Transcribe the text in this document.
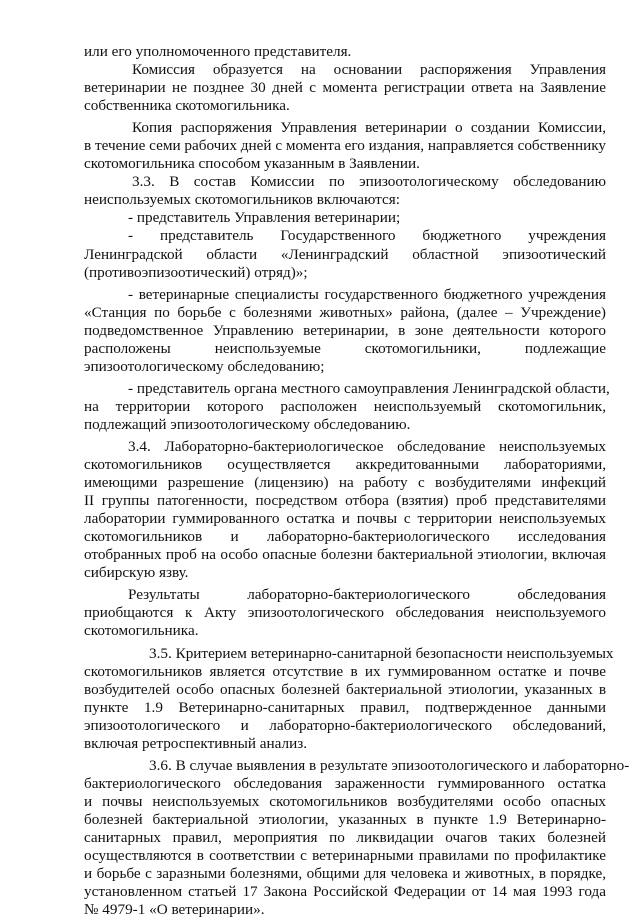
или его уполномоченного представителя.
Комиссия образуется на основании распоряжения Управления
ветеринарии не позднее 30 дней с момента регистрации ответа на Заявление
собственника скотомогильника.
Копия распоряжения Управления ветеринарии о создании Комиссии,
в течение семи рабочих дней с момента его издания, направляется собственнику
скотомогильника способом указанным в Заявлении.
3.3. В состав Комиссии по эпизоотологическому обследованию
неиспользуемых скотомогильников включаются:
- представитель Управления ветеринарии;
- представитель Государственного бюджетного учреждения
Ленинградской области «Ленинградский областной эпизоотический
(противоэпизоотический) отряд)»;
- ветеринарные специалисты государственного бюджетного учреждения
«Станция по борьбе с болезнями животных» района, (далее – Учреждение)
подведомственное Управлению ветеринарии, в зоне деятельности которого
расположены неиспользуемые скотомогильники, подлежащие
эпизоотологическому обследованию;
- представитель органа местного самоуправления Ленинградской области,
на территории которого расположен неиспользуемый скотомогильник,
подлежащий эпизоотологическому обследованию.
3.4. Лабораторно-бактериологическое обследование неиспользуемых
скотомогильников осуществляется аккредитованными лабораториями,
имеющими разрешение (лицензию) на работу с возбудителями инфекций
II группы патогенности, посредством отбора (взятия) проб представителями
лаборатории гуммированного остатка и почвы с территории неиспользуемых
скотомогильников и лабораторно-бактериологического исследования
отобранных проб на особо опасные болезни бактериальной этиологии, включая
сибирскую язву.
Результаты лабораторно-бактериологического обследования
приобщаются к Акту эпизоотологического обследования неиспользуемого
скотомогильника.
3.5. Критерием ветеринарно-санитарной безопасности неиспользуемых
скотомогильников является отсутствие в их гуммированном остатке и почве
возбудителей особо опасных болезней бактериальной этиологии, указанных в
пункте 1.9 Ветеринарно-санитарных правил, подтвержденное данными
эпизоотологического и лабораторно-бактериологического обследований,
включая ретроспективный анализ.
3.6. В случае выявления в результате эпизоотологического и лабораторно-
бактериологического обследования зараженности гуммированного остатка
и почвы неиспользуемых скотомогильников возбудителями особо опасных
болезней бактериальной этиологии, указанных в пункте 1.9 Ветеринарно-
санитарных правил, мероприятия по ликвидации очагов таких болезней
осуществляются в соответствии с ветеринарными правилами по профилактике
и борьбе с заразными болезнями, общими для человека и животных, в порядке,
установленном статьей 17 Закона Российской Федерации от 14 мая 1993 года
№ 4979-1 «О ветеринарии».
